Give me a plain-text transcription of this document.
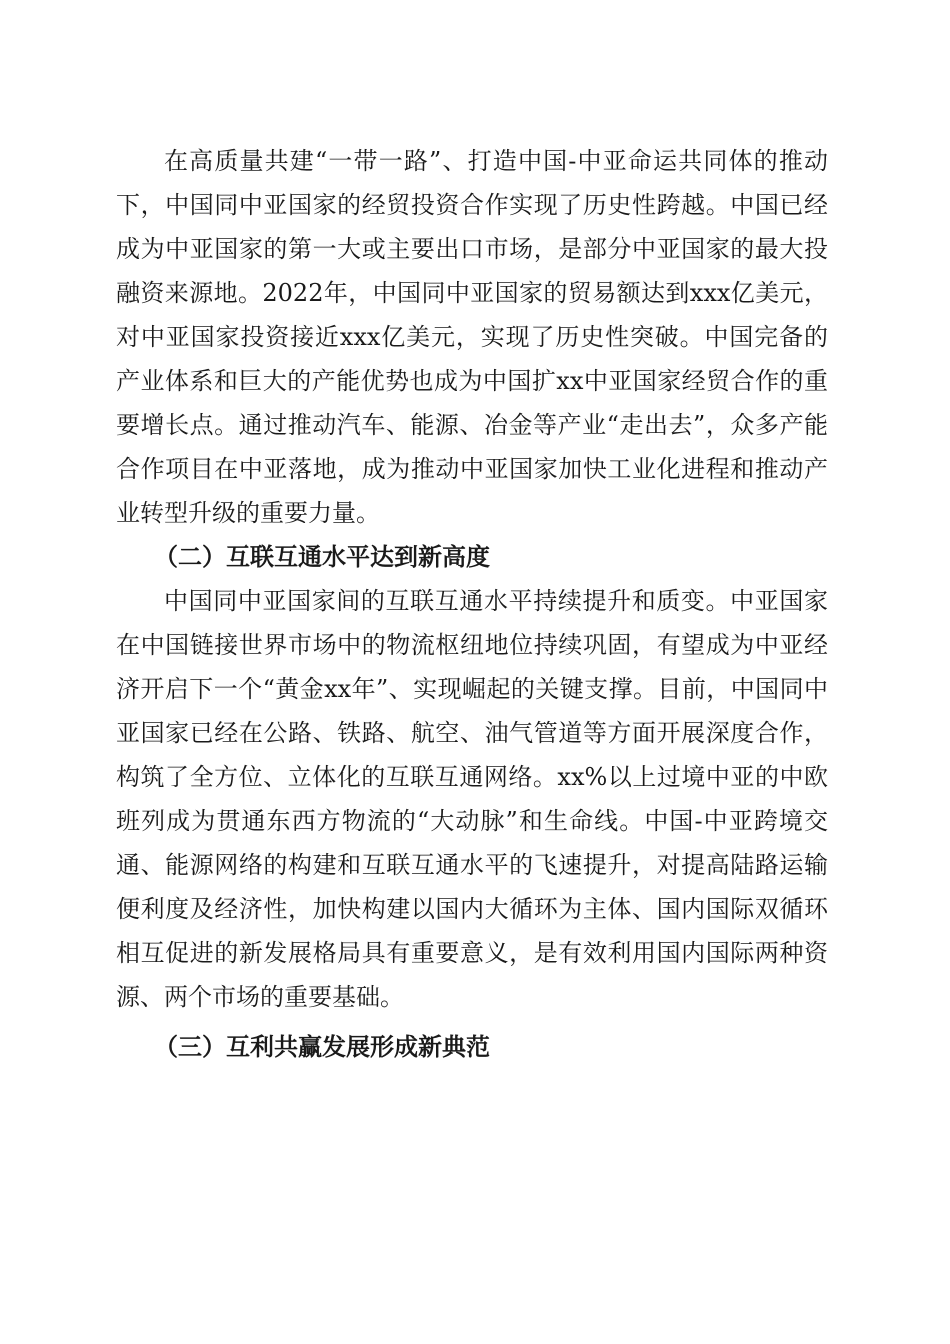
在高质量共建“一带一路”、打造中国-中亚命运共同体的推动下，中国同中亚国家的经贸投资合作实现了历史性跨越。中国已经成为中亚国家的第一大或主要出口市场，是部分中亚国家的最大投融资来源地。2022年，中国同中亚国家的贸易额达到xxx亿美元，对中亚国家投资接近xxx亿美元，实现了历史性突破。中国完备的产业体系和巨大的产能优势也成为中国扩xx中亚国家经贸合作的重要增长点。通过推动汽车、能源、冶金等产业“走出去”，众多产能合作项目在中亚落地，成为推动中亚国家加快工业化进程和推动产业转型升级的重要力量。

（二）互联互通水平达到新高度

中国同中亚国家间的互联互通水平持续提升和质变。中亚国家在中国链接世界市场中的物流枢纽地位持续巩固，有望成为中亚经济开启下一个“黄金xx年”、实现崛起的关键支撑。目前，中国同中亚国家已经在公路、铁路、航空、油气管道等方面开展深度合作，构筑了全方位、立体化的互联互通网络。xx%以上过境中亚的中欧班列成为贯通东西方物流的“大动脉”和生命线。中国-中亚跨境交通、能源网络的构建和互联互通水平的飞速提升，对提高陆路运输便利度及经济性，加快构建以国内大循环为主体、国内国际双循环相互促进的新发展格局具有重要意义，是有效利用国内国际两种资源、两个市场的重要基础。

（三）互利共赢发展形成新典范
